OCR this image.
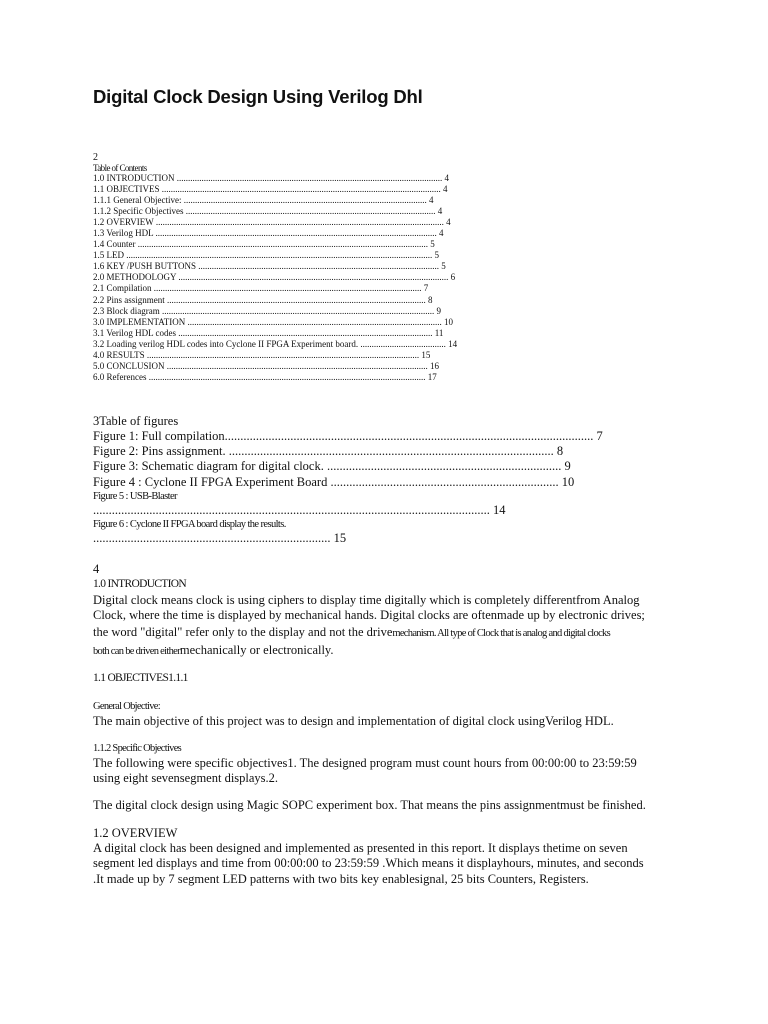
Digital Clock Design Using Verilog Dhl
2
Table of Contents
1.0 INTRODUCTION ...................................................................................................................... 4
1.1 OBJECTIVES ............................................................................................................................ 4
1.1.1 General Objective: ............................................................................................................ 4
1.1.2 Specific Objectives ............................................................................................................... 4
1.2 OVERVIEW ................................................................................................................................ 4
1.3 Verilog HDL ............................................................................................................................. 4
1.4 Counter ................................................................................................................................. 5
1.5 LED ........................................................................................................................................ 5
1.6 KEY /PUSH BUTTONS ........................................................................................................... 5
2.0 METHODOLOGY ........................................................................................................................ 6
2.1 Compilation ....................................................................................................................... 7
2.2 Pins assignment ................................................................................................................... 8
2.3 Block diagram ......................................................................................................................... 9
3.0 IMPLEMENTATION ................................................................................................................. 10
3.1 Verilog HDL codes ................................................................................................................. 11
3.2 Loading verilog HDL codes into Cyclone II FPGA Experiment board. ...................................... 14
4.0 RESULTS ......................................................................................................................... 15
5.0 CONCLUSION .................................................................................................................... 16
6.0 References ........................................................................................................................... 17
3Table of figures
Figure 1: Full compilation...................................................................................................................... 7
Figure 2: Pins assignment. ........................................................................................................ 8
Figure 3: Schematic diagram for digital clock. ........................................................................... 9
Figure 4 : Cyclone II FPGA Experiment Board ......................................................................... 10
Figure 5 : USB-Blaster
............................................................................................................................... 14
Figure 6 : Cyclone II FPGA board display the results.
............................................................................ 15
4
1.0 INTRODUCTION
Digital clock means clock is using ciphers to display time digitally which is completely differentfrom Analog
Clock, where the time is displayed by mechanical hands. Digital clocks are oftenmade up by electronic drives;
the word "digital" refer only to the display and not the drivemechanism. All type of Clock that is analog and digital clocks
both can be driven eithermechanically or electronically.
1.1 OBJECTIVES1.1.1
General Objective:
The main objective of this project was to design and implementation of digital clock usingVerilog HDL.
1.1.2 Specific Objectives
The following were specific objectives1. The designed program must count hours from 00:00:00 to 23:59:59
using eight sevensegment displays.2.
The digital clock design using Magic SOPC experiment box. That means the pins assignmentmust be finished.
1.2 OVERVIEW
A digital clock has been designed and implemented as presented in this report. It displays thetime on seven
segment led displays and time from 00:00:00 to 23:59:59 .Which means it displayhours, minutes, and seconds
.It made up by 7 segment LED patterns with two bits key enablesignal, 25 bits Counters, Registers.
